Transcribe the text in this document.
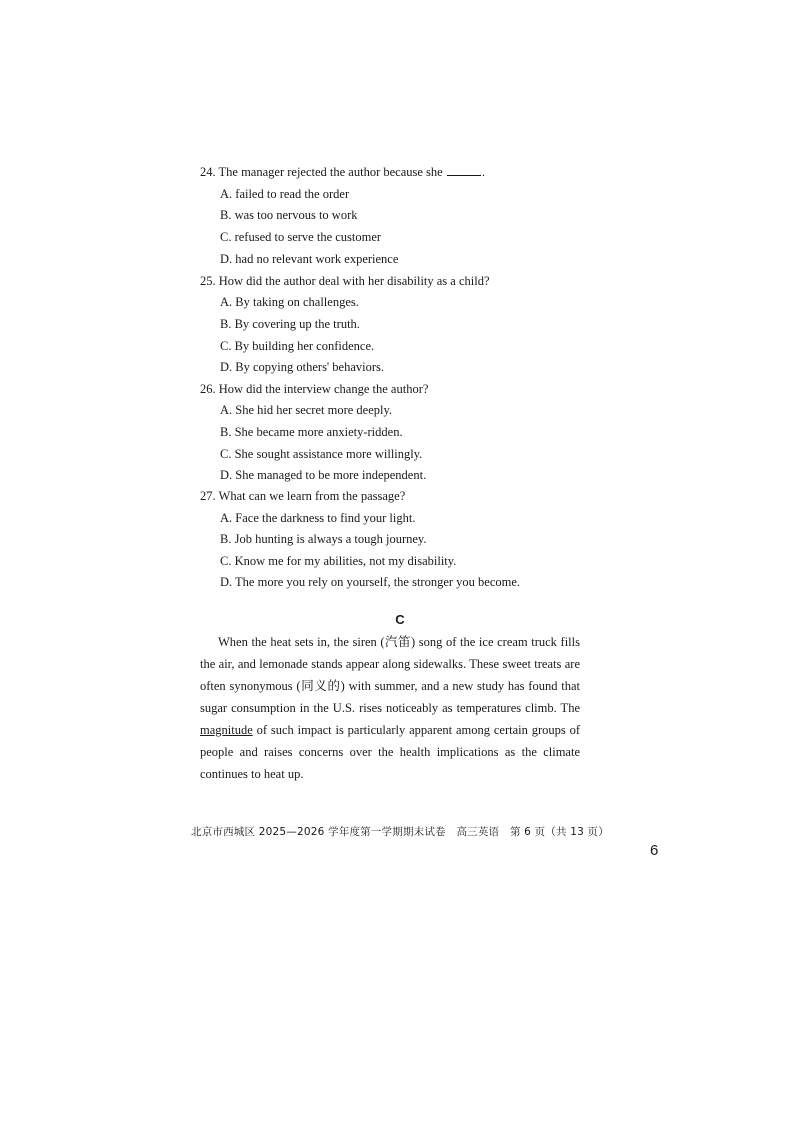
24. The manager rejected the author because she	.
A. failed to read the order
B. was too nervous to work
C. refused to serve the customer
D. had no relevant work experience
25. How did the author deal with her disability as a child?
A. By taking on challenges.
B. By covering up the truth.
C. By building her confidence.
D. By copying others' behaviors.
26. How did the interview change the author?
A. She hid her secret more deeply.
B. She became more anxiety-ridden.
C. She sought assistance more willingly.
D. She managed to be more independent.
27. What can we learn from the passage?
A. Face the darkness to find your light.
B. Job hunting is always a tough journey.
C. Know me for my abilities, not my disability.
D. The more you rely on yourself, the stronger you become.
C
When the heat sets in, the siren (汽笛) song of the ice cream truck fills the air, and lemonade stands appear along sidewalks. These sweet treats are often synonymous (同义的) with summer, and a new study has found that sugar consumption in the U.S. rises noticeably as temperatures climb. The magnitude of such impact is particularly apparent among certain groups of people and raises concerns over the health implications as the climate continues to heat up.
北京市西城区 2025—2026 学年度第一学期期末试卷　高三英语　第 6 页（共 13 页）
6
